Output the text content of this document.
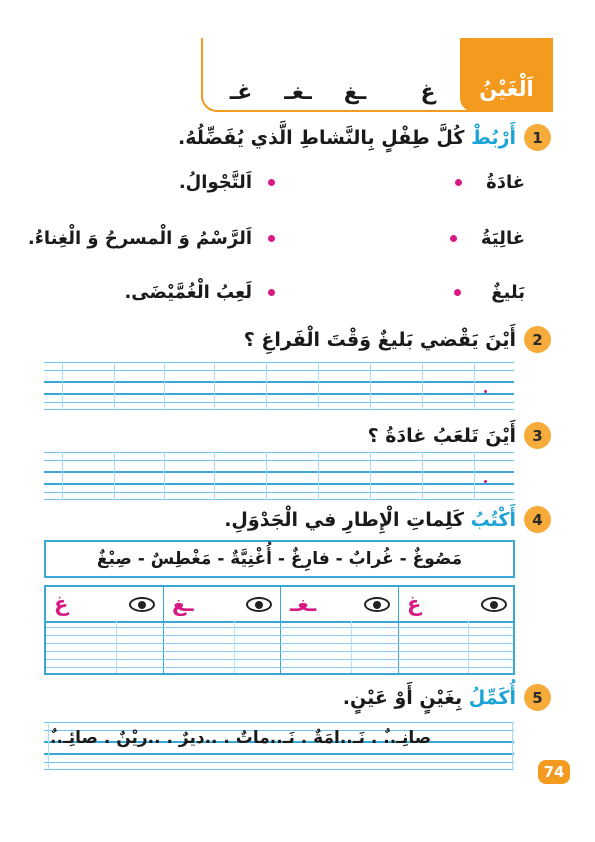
اَلْغَيْنُ
غ
ـغ
ـغـ
غـ
1
أَرْبُطْ كُلَّ طِفْلٍ بِالنَّشاطِ الَّذي يُفَضِّلُهُ.
غادَةُ
غالِيَةُ
بَليغٌ
اَلتَّجْوالُ.
اَلرَّسْمُ وَ الْمسرحُ وَ الْغِناءُ.
لَعِبُ الْغُمَّيْضَى.
2
أَيْنَ يَقْضي بَليغٌ وَقْتَ الْفَراغِ ؟
3
أَيْنَ تَلعَبُ غادَةُ ؟
4
أَكْتُبُ كَلِماتِ الْإِطارِ في الْجَدْوَلِ.
مَصُوغٌ - غُرابٌ - فارِغٌ - أُغْنِيَّةٌ - مَغْطِسٌ - صِبْغٌ
غ
ـغـ
ـغ
غ
5
أُكَمِّلُ بِغَيْنٍ أَوْ عَيْنٍ.
صانِـ..ٌ . نَـ..امَةٌ . نَـ..ماتٌ . ..ديرٌ . ..ريْنٌ . صائِـ..ٌ
74
